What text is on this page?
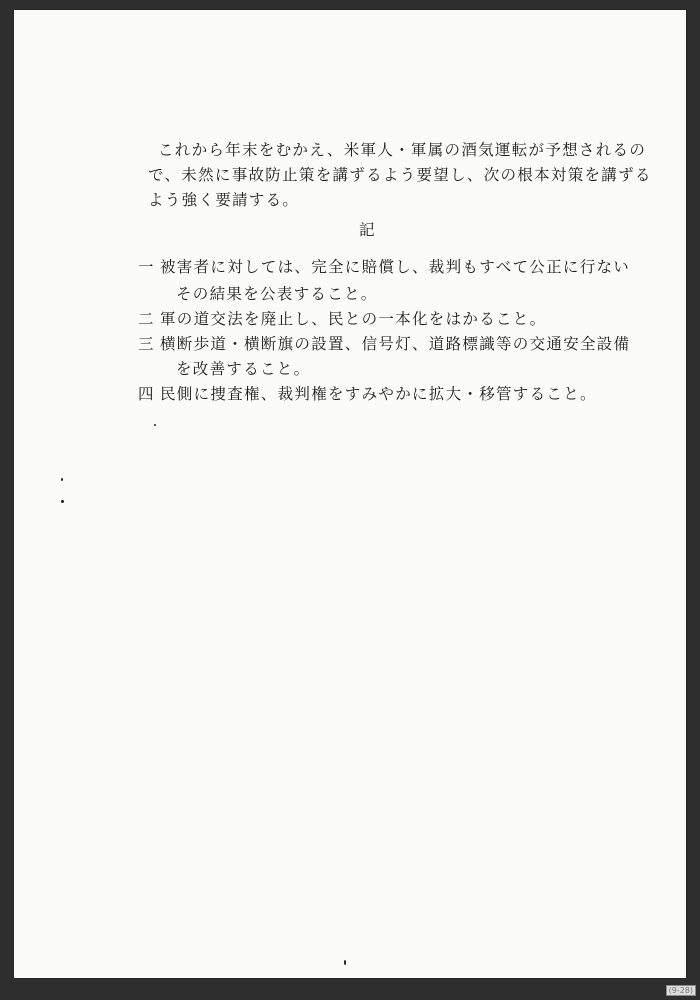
これから年末をむかえ、米軍人・軍属の酒気運転が予想されるの
で、未然に事故防止策を講ずるよう要望し、次の根本対策を講ずる
よう強く要請する。
記
一 被害者に対しては、完全に賠償し、裁判もすべて公正に行ない
その結果を公表すること。
二 軍の道交法を廃止し、民との一本化をはかること。
三 横断歩道・横断旗の設置、信号灯、道路標識等の交通安全設備
を改善すること。
四 民側に捜査権、裁判権をすみやかに拡大・移管すること。
(9-28)
